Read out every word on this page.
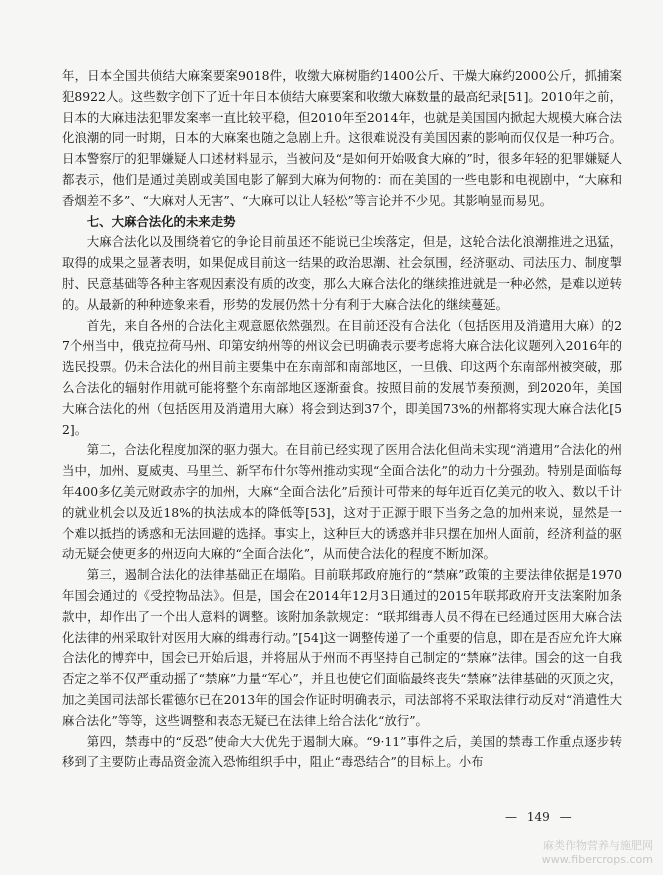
年，日本全国共侦结大麻案要案9018件，收缴大麻树脂约1400公斤、干燥大麻约2000公斤，抓捕案犯8922人。这些数字创下了近十年日本侦结大麻要案和收缴大麻数量的最高纪录[51]。2010年之前，日本的大麻违法犯罪发案率一直比较平稳，但2010年至2014年，也就是美国国内掀起大规模大麻合法化浪潮的同一时期，日本的大麻案也随之急剧上升。这很难说没有美国因素的影响而仅仅是一种巧合。日本警察厅的犯罪嫌疑人口述材料显示，当被问及“是如何开始吸食大麻的”时，很多年轻的犯罪嫌疑人都表示，他们是通过美剧或美国电影了解到大麻为何物的：而在美国的一些电影和电视剧中，“大麻和香烟差不多”、“大麻对人无害”、“大麻可以让人轻松”等言论并不少见。其影响显而易见。

七、大麻合法化的未来走势

大麻合法化以及围绕着它的争论目前虽还不能说已尘埃落定，但是，这轮合法化浪潮推进之迅猛，取得的成果之显著表明，如果促成目前这一结果的政治思潮、社会氛围，经济驱动、司法压力、制度掣肘、民意基础等各种主客观因素没有质的改变，那么大麻合法化的继续推进就是一种必然，是难以逆转的。从最新的种种迹象来看，形势的发展仍然十分有利于大麻合法化的继续蔓延。

首先，来自各州的合法化主观意愿依然强烈。在目前还没有合法化（包括医用及消遣用大麻）的27个州当中，俄克拉荷马州、印第安纳州等的州议会已明确表示要考虑将大麻合法化议题列入2016年的选民投票。仍未合法化的州目前主要集中在东南部和南部地区，一旦俄、印这两个东南部州被突破，那么合法化的辐射作用就可能将整个东南部地区逐渐蚕食。按照目前的发展节奏预测，到2020年，美国大麻合法化的州（包括医用及消遣用大麻）将会到达到37个，即美国73%的州都将实现大麻合法化[52]。

第二，合法化程度加深的驱力强大。在目前已经实现了医用合法化但尚未实现“消遣用”合法化的州当中，加州、夏威夷、马里兰、新罕布什尔等州推动实现“全面合法化”的动力十分强劲。特别是面临每年400多亿美元财政赤字的加州，大麻“全面合法化”后预计可带来的每年近百亿美元的收入、数以千计的就业机会以及近18%的执法成本的降低等[53]，这对于正源于眼下当务之急的加州来说，显然是一个难以抵挡的诱惑和无法回避的选择。事实上，这种巨大的诱惑并非只摆在加州人面前，经济利益的驱动无疑会使更多的州迈向大麻的“全面合法化”，从而使合法化的程度不断加深。

第三，遏制合法化的法律基础正在塌陷。目前联邦政府施行的“禁麻”政策的主要法律依据是1970年国会通过的《受控物品法》。但是，国会在2014年12月3日通过的2015年联邦政府开支法案附加条款中，却作出了一个出人意料的调整。该附加条款规定：“联邦缉毒人员不得在已经通过医用大麻合法化法律的州采取针对医用大麻的缉毒行动。”[54]这一调整传递了一个重要的信息，即在是否应允许大麻合法化的博弈中，国会已开始后退，并将屈从于州而不再坚持自己制定的“禁麻”法律。国会的这一自我否定之举不仅严重动摇了“禁麻”力量“军心”，并且也使它们面临最终丧失“禁麻”法律基础的灭顶之灾，加之美国司法部长霍德尔已在2013年的国会作证时明确表示，司法部将不采取法律行动反对“消遣性大麻合法化”等等，这些调整和表态无疑已在法律上给合法化“放行”。

第四，禁毒中的“反恐”使命大大优先于遏制大麻。“9·11”事件之后，美国的禁毒工作重点逐步转移到了主要防止毒品资金流入恐怖组织手中，阻止“毒恐结合”的目标上。小布

— 149 —
麻类作物营养与施肥网
www.fibercrops.com
